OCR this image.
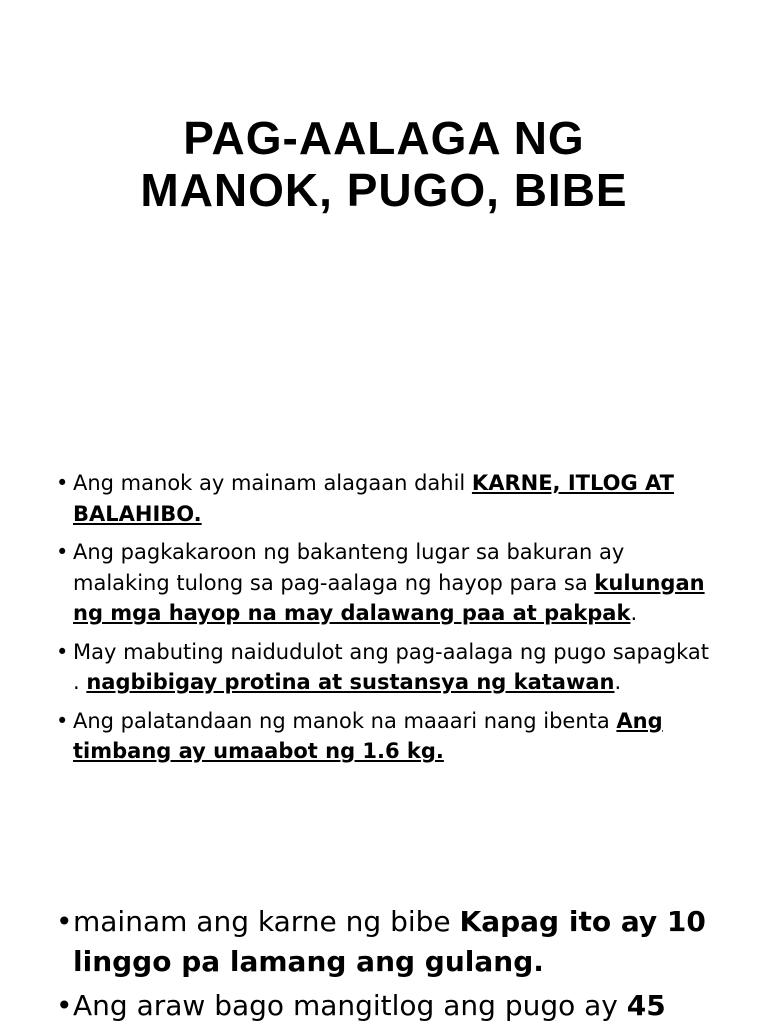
PAG-AALAGA NG
MANOK, PUGO, BIBE
• Ang manok ay mainam alagaan dahil KARNE, ITLOG AT BALAHIBO.
• Ang pagkakaroon ng bakanteng lugar sa bakuran ay malaking tulong sa pag-aalaga ng hayop para sa kulungan ng mga hayop na may dalawang paa at pakpak.
• May mabuting naidudulot ang pag-aalaga ng pugo sapagkat . nagbibigay protina at sustansya ng katawan.
• Ang palatandaan ng manok na maaari nang ibenta Ang timbang ay umaabot ng 1.6 kg.
• mainam ang karne ng bibe Kapag ito ay 10 linggo pa lamang ang gulang.
• Ang araw bago mangitlog ang pugo ay 45
